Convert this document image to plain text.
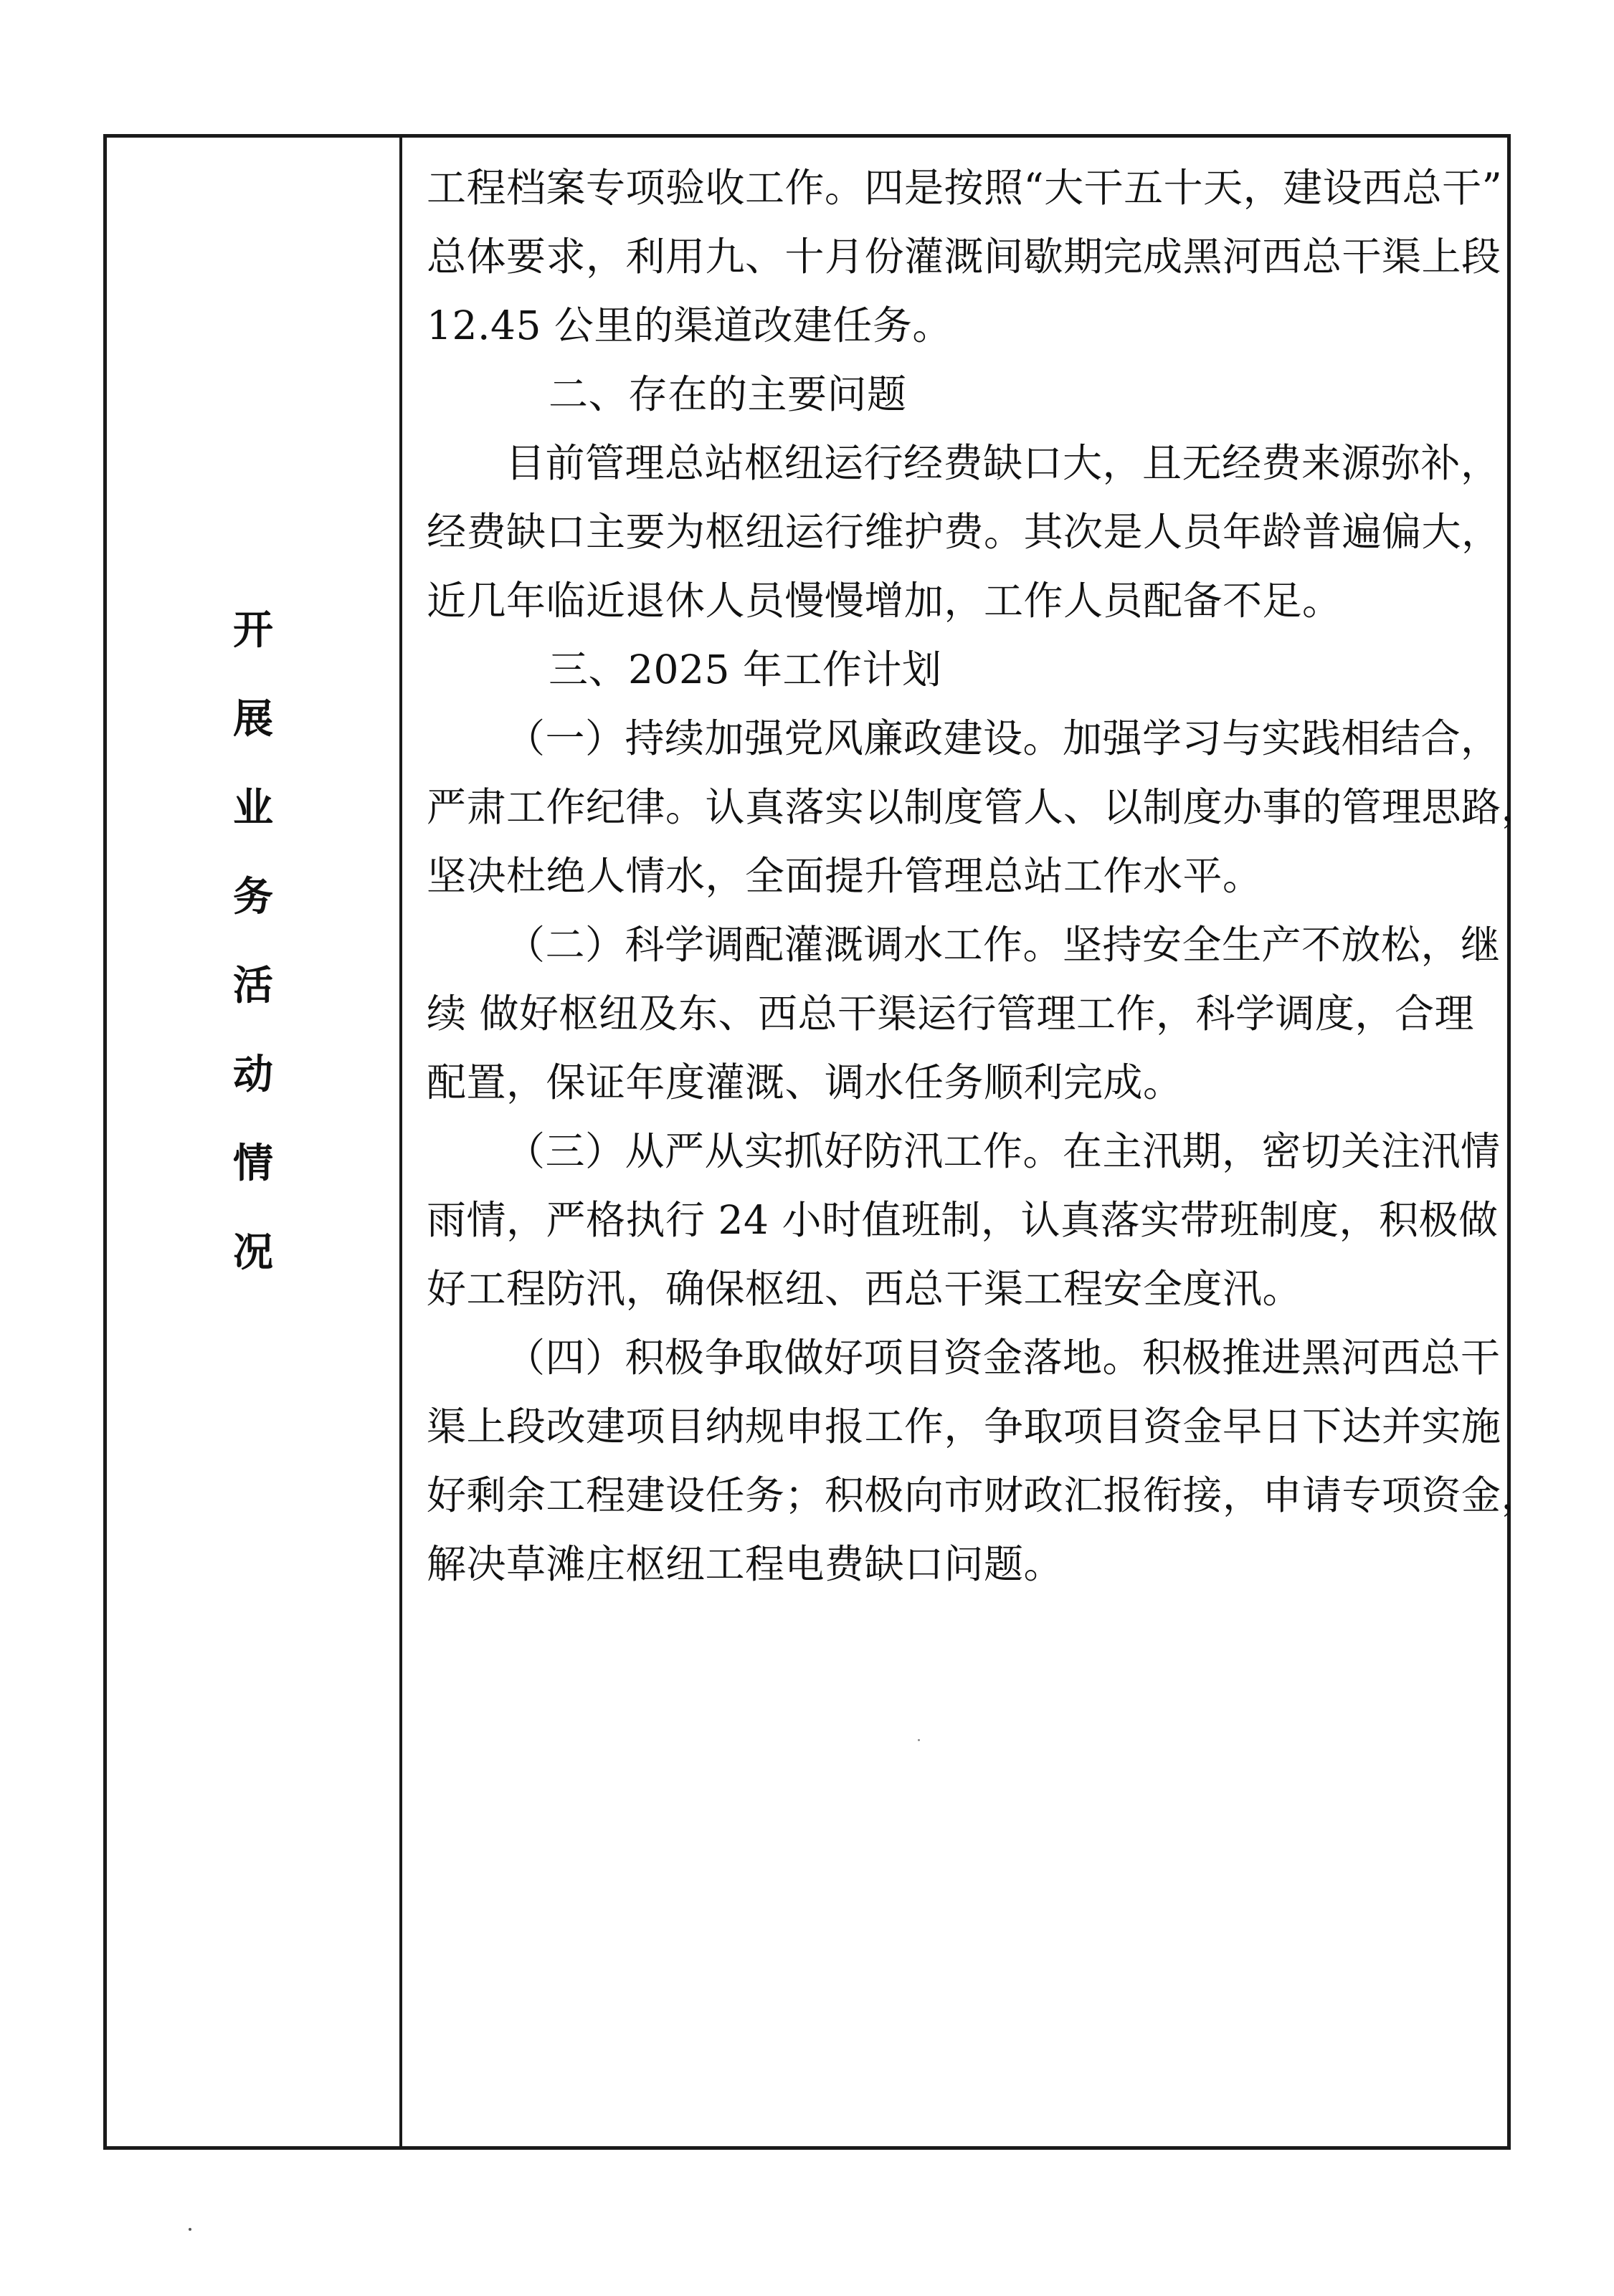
开
展
业
务
活
动
情
况
工程档案专项验收工作。四是按照“大干五十天，建设西总干”
总体要求，利用九、十月份灌溉间歇期完成黑河西总干渠上段
12.45 公里的渠道改建任务。
二、存在的主要问题
目前管理总站枢纽运行经费缺口大，且无经费来源弥补，
经费缺口主要为枢纽运行维护费。其次是人员年龄普遍偏大，
近几年临近退休人员慢慢增加，工作人员配备不足。
三、2025 年工作计划
（一）持续加强党风廉政建设。加强学习与实践相结合，
严肃工作纪律。认真落实以制度管人、以制度办事的管理思路，
坚决杜绝人情水，全面提升管理总站工作水平。
（二）科学调配灌溉调水工作。坚持安全生产不放松，继
续 做好枢纽及东、西总干渠运行管理工作，科学调度，合理
配置，保证年度灌溉、调水任务顺利完成。
（三）从严从实抓好防汛工作。在主汛期，密切关注汛情
雨情，严格执行 24 小时值班制，认真落实带班制度，积极做
好工程防汛，确保枢纽、西总干渠工程安全度汛。
（四）积极争取做好项目资金落地。积极推进黑河西总干
渠上段改建项目纳规申报工作，争取项目资金早日下达并实施
好剩余工程建设任务；积极向市财政汇报衔接，申请专项资金，
解决草滩庄枢纽工程电费缺口问题。
